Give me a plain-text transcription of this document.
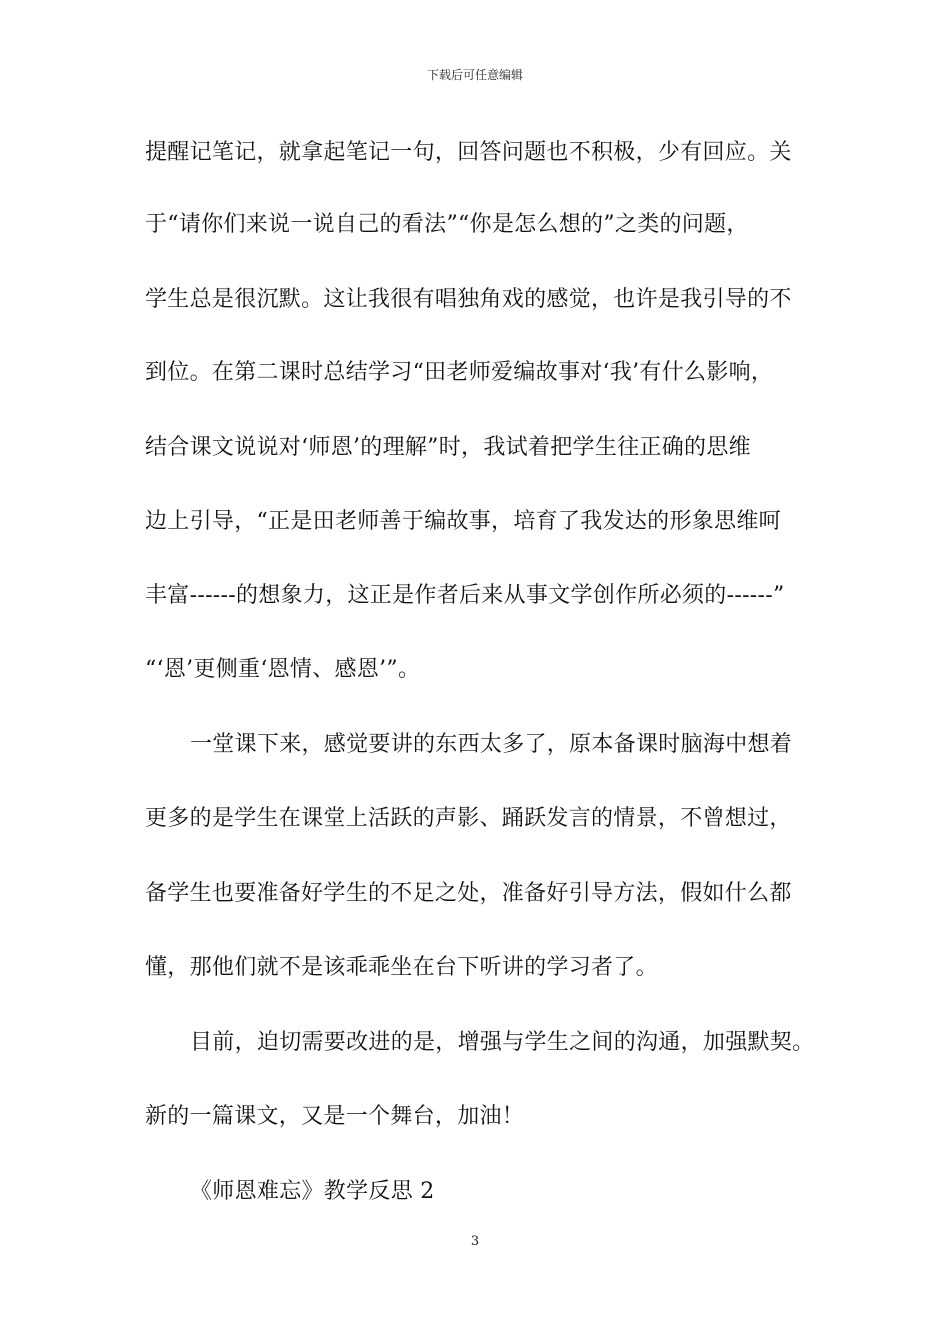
下载后可任意编辑
提醒记笔记，就拿起笔记一句，回答问题也不积极，少有回应。关
于“请你们来说一说自己的看法”“你是怎么想的”之类的问题，
学生总是很沉默。这让我很有唱独角戏的感觉，也许是我引导的不
到位。在第二课时总结学习“田老师爱编故事对‘我’有什么影响，
结合课文说说对‘师恩’的理解”时，我试着把学生往正确的思维
边上引导，“正是田老师善于编故事，培育了我发达的形象思维呵
丰富------的想象力，这正是作者后来从事文学创作所必须的------”
“‘恩’更侧重‘恩情、感恩’”。
一堂课下来，感觉要讲的东西太多了，原本备课时脑海中想着
更多的是学生在课堂上活跃的声影、踊跃发言的情景，不曾想过，
备学生也要准备好学生的不足之处，准备好引导方法，假如什么都
懂，那他们就不是该乖乖坐在台下听讲的学习者了。
目前，迫切需要改进的是，增强与学生之间的沟通，加强默契。
新的一篇课文，又是一个舞台，加油！
《师恩难忘》教学反思 2
3
